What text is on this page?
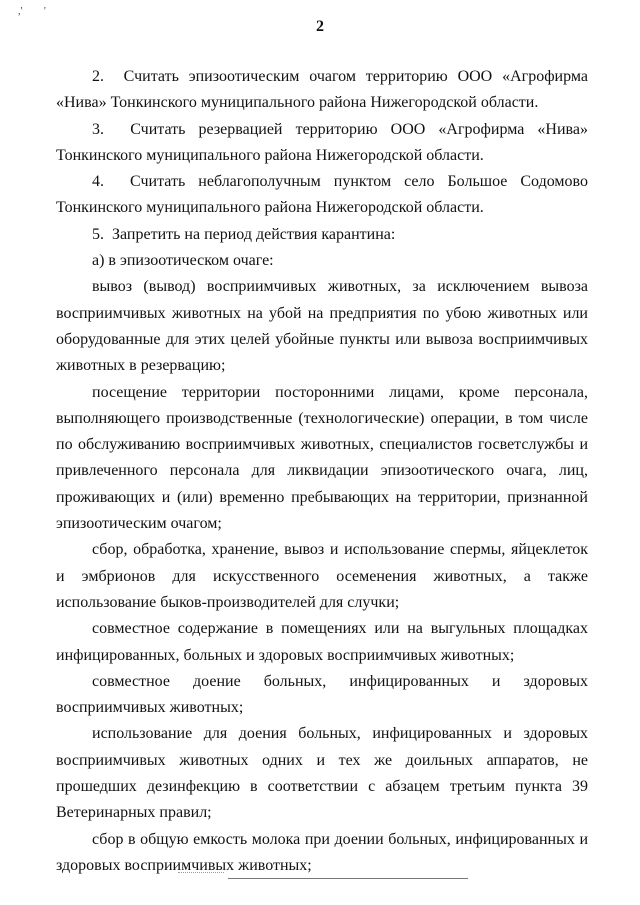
,' '
2

2.  Считать эпизоотическим очагом территорию ООО «Агрофирма «Нива» Тонкинского муниципального района Нижегородской области.

3.  Считать резервацией территорию ООО «Агрофирма «Нива» Тонкинского муниципального района Нижегородской области.

4.  Считать неблагополучным пунктом село Большое Содомово Тонкинского муниципального района Нижегородской области.

5.  Запретить на период действия карантина:

а) в эпизоотическом очаге:

вывоз (вывод) восприимчивых животных, за исключением вывоза восприимчивых животных на убой на предприятия по убою животных или оборудованные для этих целей убойные пункты или вывоза восприимчивых животных в резервацию;

посещение территории посторонними лицами, кроме персонала, выполняющего производственные (технологические) операции, в том числе по обслуживанию восприимчивых животных, специалистов госветслужбы и привлеченного персонала для ликвидации эпизоотического очага, лиц, проживающих и (или) временно пребывающих на территории, признанной эпизоотическим очагом;

сбор, обработка, хранение, вывоз и использование спермы, яйцеклеток и эмбрионов для искусственного осеменения животных, а также использование быков-производителей для случки;

совместное содержание в помещениях или на выгульных площадках инфицированных, больных и здоровых восприимчивых животных;

совместное доение больных, инфицированных и здоровых восприимчивых животных;

использование для доения больных, инфицированных и здоровых восприимчивых животных одних и тех же доильных аппаратов, не прошедших дезинфекцию в соответствии с абзацем третьим пункта 39 Ветеринарных правил;

сбор в общую емкость молока при доении больных, инфицированных и здоровых восприимчивых животных;
